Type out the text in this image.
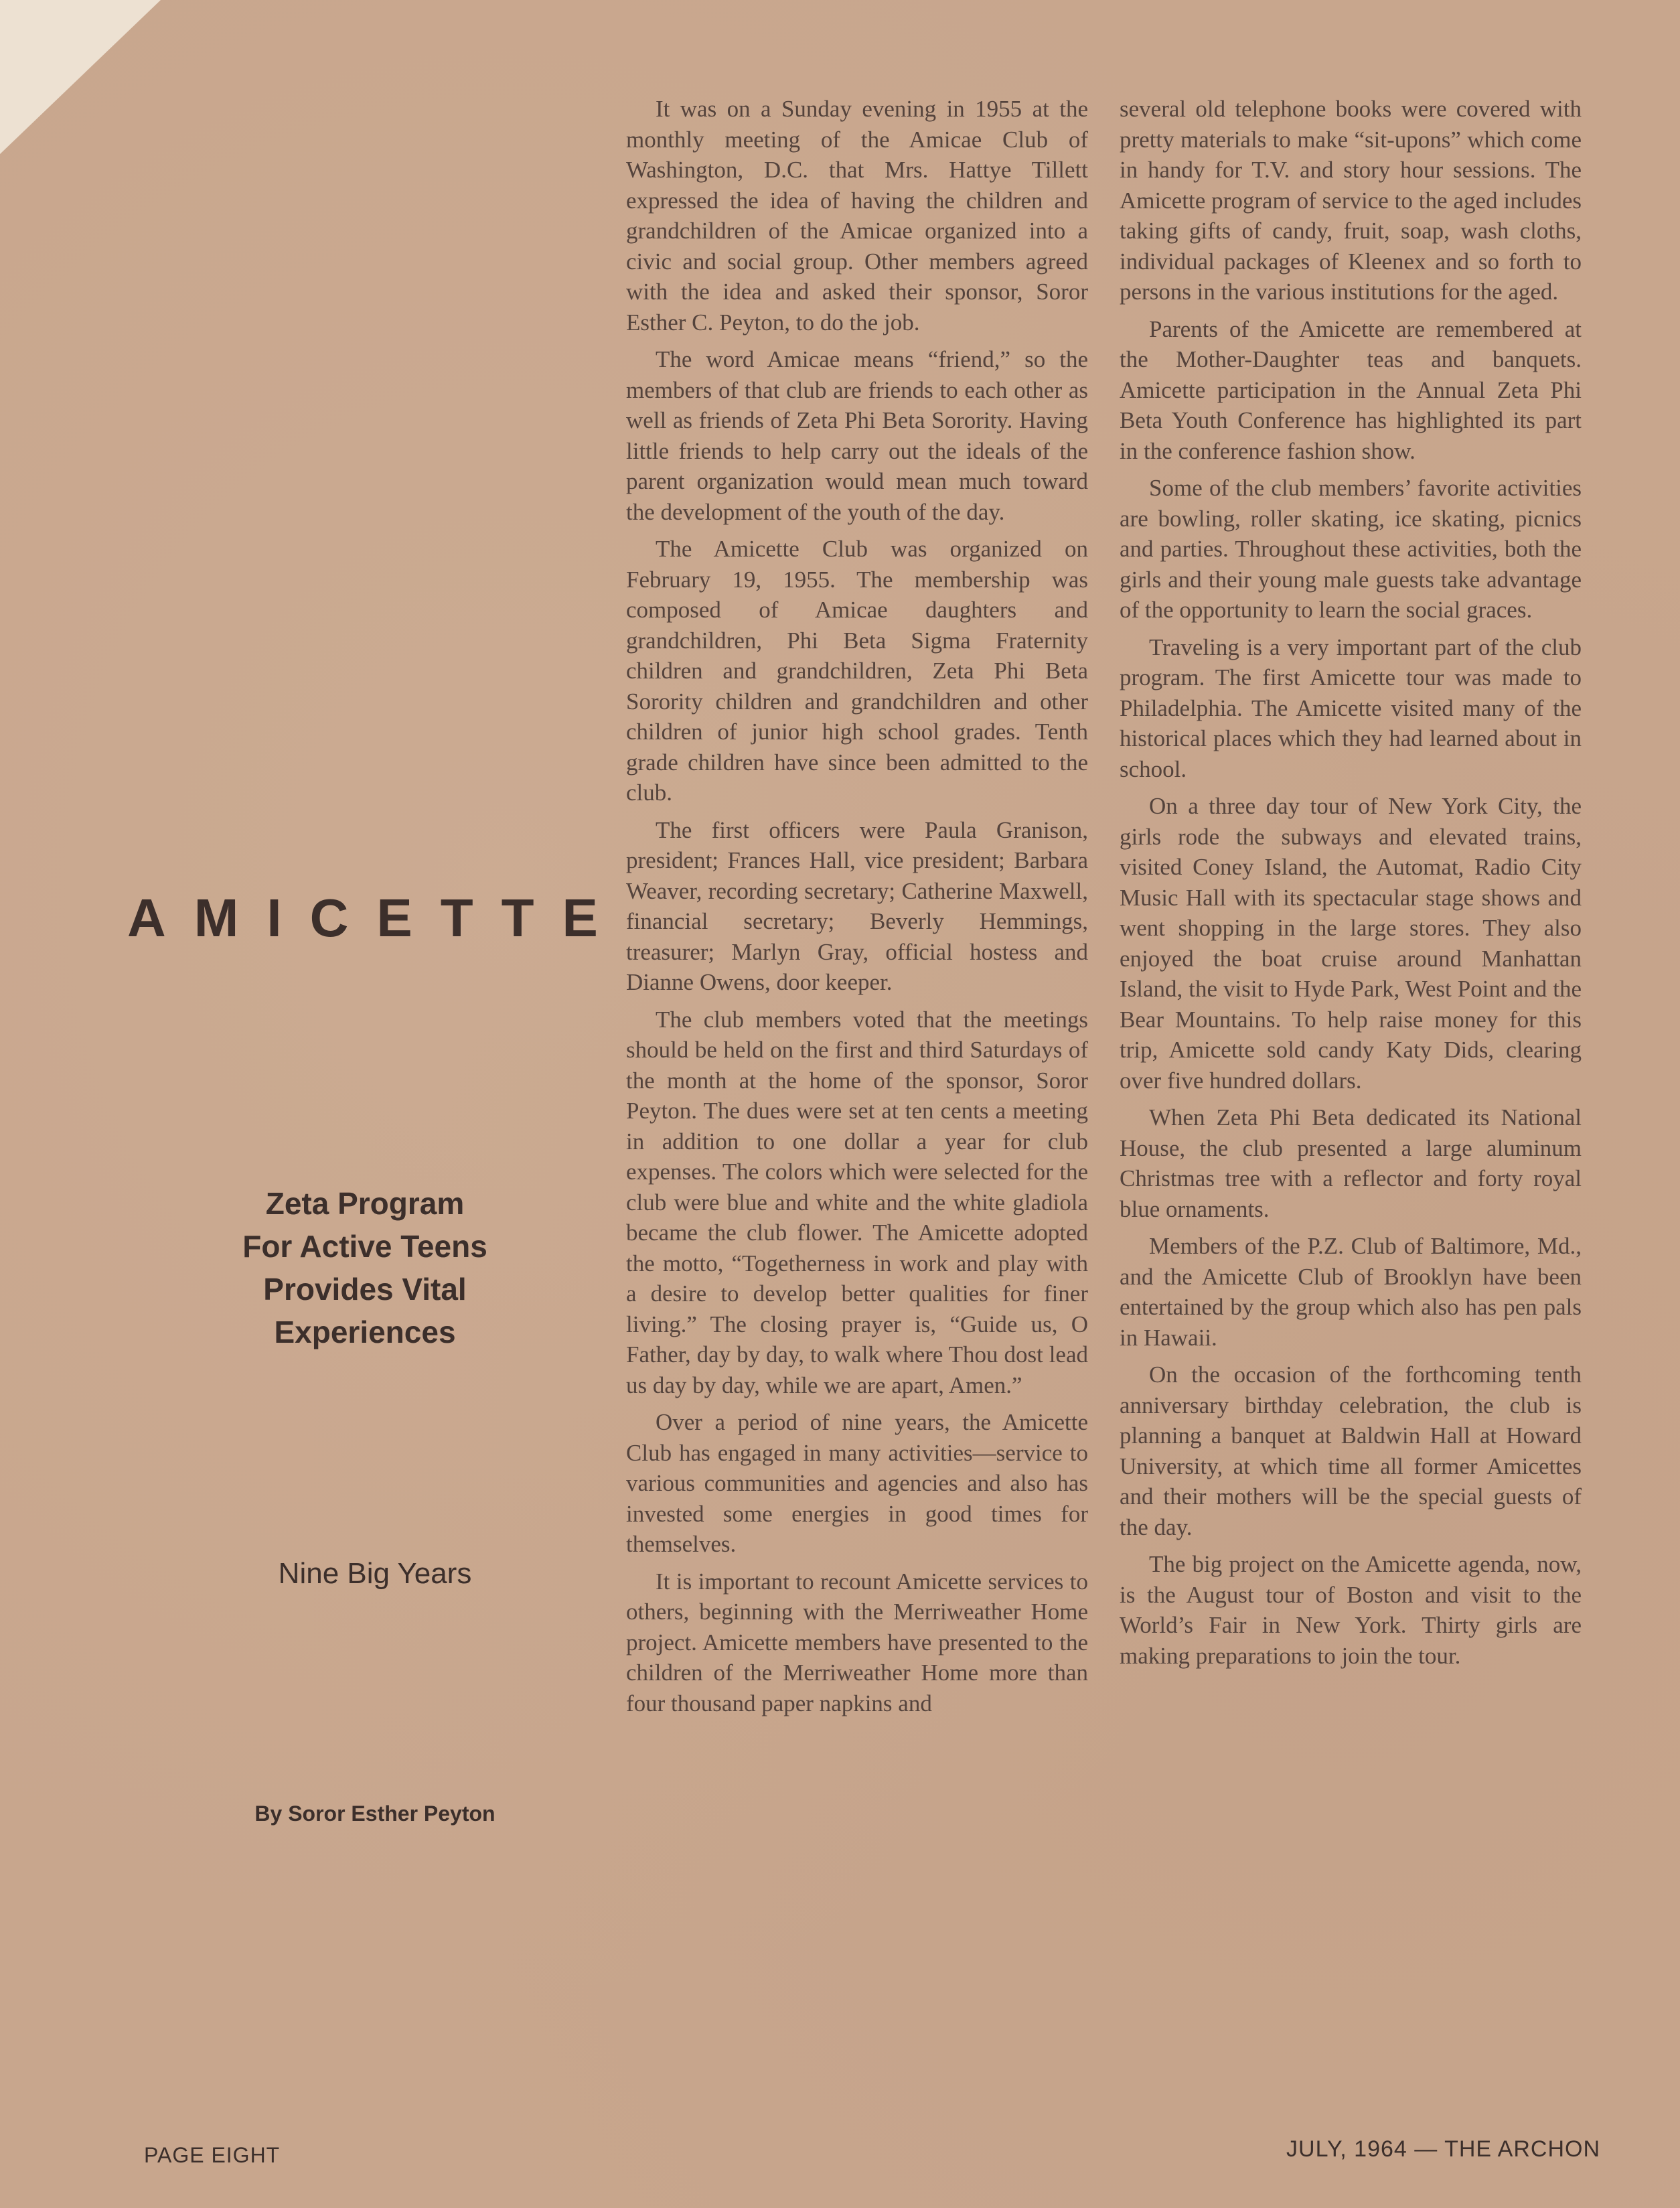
AMICETTE
Zeta Program
For Active Teens
Provides Vital
Experiences
Nine Big Years
By Soror Esther Peyton

It was on a Sunday evening in 1955 at the monthly meeting of the Amicae Club of Washington, D.C. that Mrs. Hattye Tillett expressed the idea of having the children and grandchildren of the Amicae organized into a civic and social group. Other members agreed with the idea and asked their sponsor, Soror Esther C. Peyton, to do the job.

The word Amicae means “friend,” so the members of that club are friends to each other as well as friends of Zeta Phi Beta Sorority. Having little friends to help carry out the ideals of the parent organization would mean much toward the development of the youth of the day.

The Amicette Club was organized on February 19, 1955. The membership was composed of Amicae daughters and grandchildren, Phi Beta Sigma Fraternity children and grandchildren, Zeta Phi Beta Sorority children and grandchildren and other children of junior high school grades. Tenth grade children have since been admitted to the club.

The first officers were Paula Granison, president; Frances Hall, vice president; Barbara Weaver, recording secretary; Catherine Maxwell, financial secretary; Beverly Hemmings, treasurer; Marlyn Gray, official hostess and Dianne Owens, door keeper.

The club members voted that the meetings should be held on the first and third Saturdays of the month at the home of the sponsor, Soror Peyton. The dues were set at ten cents a meeting in addition to one dollar a year for club expenses. The colors which were selected for the club were blue and white and the white gladiola became the club flower. The Amicette adopted the motto, “Togetherness in work and play with a desire to develop better qualities for finer living.” The closing prayer is, “Guide us, O Father, day by day, to walk where Thou dost lead us day by day, while we are apart, Amen.”

Over a period of nine years, the Amicette Club has engaged in many activities—service to various communities and agencies and also has invested some energies in good times for themselves.

It is important to recount Amicette services to others, beginning with the Merriweather Home project. Amicette members have presented to the children of the Merriweather Home more than four thousand paper napkins and

several old telephone books were covered with pretty materials to make “sit-upons” which come in handy for T.V. and story hour sessions. The Amicette program of service to the aged includes taking gifts of candy, fruit, soap, wash cloths, individual packages of Kleenex and so forth to persons in the various institutions for the aged.

Parents of the Amicette are remembered at the Mother-Daughter teas and banquets. Amicette participation in the Annual Zeta Phi Beta Youth Conference has highlighted its part in the conference fashion show.

Some of the club members’ favorite activities are bowling, roller skating, ice skating, picnics and parties. Throughout these activities, both the girls and their young male guests take advantage of the opportunity to learn the social graces.

Traveling is a very important part of the club program. The first Amicette tour was made to Philadelphia. The Amicette visited many of the historical places which they had learned about in school.

On a three day tour of New York City, the girls rode the subways and elevated trains, visited Coney Island, the Automat, Radio City Music Hall with its spectacular stage shows and went shopping in the large stores. They also enjoyed the boat cruise around Manhattan Island, the visit to Hyde Park, West Point and the Bear Mountains. To help raise money for this trip, Amicette sold candy Katy Dids, clearing over five hundred dollars.

When Zeta Phi Beta dedicated its National House, the club presented a large aluminum Christmas tree with a reflector and forty royal blue ornaments.

Members of the P.Z. Club of Baltimore, Md., and the Amicette Club of Brooklyn have been entertained by the group which also has pen pals in Hawaii.

On the occasion of the forthcoming tenth anniversary birthday celebration, the club is planning a banquet at Baldwin Hall at Howard University, at which time all former Amicettes and their mothers will be the special guests of the day.

The big project on the Amicette agenda, now, is the August tour of Boston and visit to the World’s Fair in New York. Thirty girls are making preparations to join the tour.

PAGE EIGHT	JULY, 1964 — THE ARCHON
